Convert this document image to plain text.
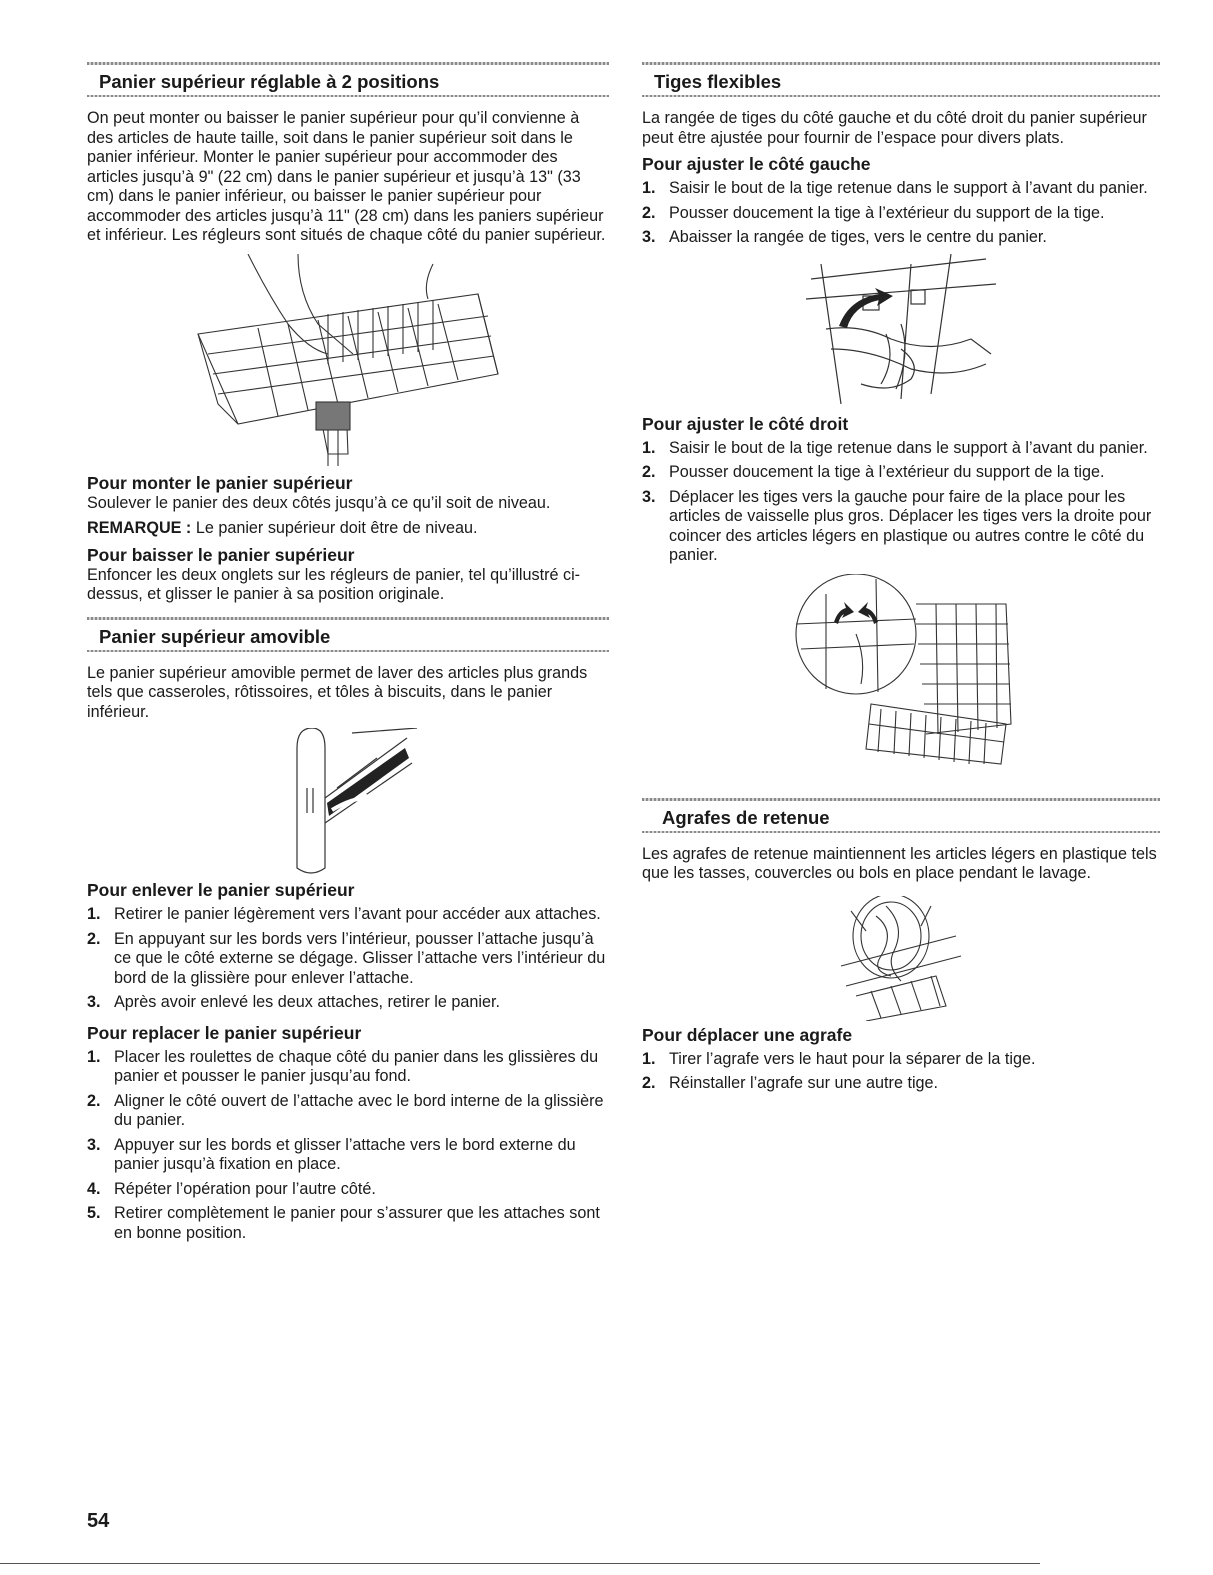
Panier supérieur réglable à 2 positions

On peut monter ou baisser le panier supérieur pour qu’il convienne à des articles de haute taille, soit dans le panier supérieur soit dans le panier inférieur. Monter le panier supérieur pour accommoder des articles jusqu’à 9" (22 cm) dans le panier supérieur et jusqu’à 13" (33 cm) dans le panier inférieur, ou baisser le panier supérieur pour accommoder des articles jusqu’à 11" (28 cm) dans les paniers supérieur et inférieur. Les régleurs sont situés de chaque côté du panier supérieur.

Pour monter le panier supérieur

Soulever le panier des deux côtés jusqu’à ce qu’il soit de niveau.

REMARQUE : Le panier supérieur doit être de niveau.

Pour baisser le panier supérieur

Enfoncer les deux onglets sur les régleurs de panier, tel qu’illustré ci-dessus, et glisser le panier à sa position originale.

Panier supérieur amovible

Le panier supérieur amovible permet de laver des articles plus grands tels que casseroles, rôtissoires, et tôles à biscuits, dans le panier inférieur.

Pour enlever le panier supérieur
1. Retirer le panier légèrement vers l’avant pour accéder aux attaches.
2. En appuyant sur les bords vers l’intérieur, pousser l’attache jusqu’à ce que le côté externe se dégage. Glisser l’attache vers l’intérieur du bord de la glissière pour enlever l’attache.
3. Après avoir enlevé les deux attaches, retirer le panier.
Pour replacer le panier supérieur
1. Placer les roulettes de chaque côté du panier dans les glissières du panier et pousser le panier jusqu’au fond.
2. Aligner le côté ouvert de l’attache avec le bord interne de la glissière du panier.
3. Appuyer sur les bords et glisser l’attache vers le bord externe du panier jusqu’à fixation en place.
4. Répéter l’opération pour l’autre côté.
5. Retirer complètement le panier pour s’assurer que les attaches sont en bonne position.
Tiges flexibles

La rangée de tiges du côté gauche et du côté droit du panier supérieur peut être ajustée pour fournir de l’espace pour divers plats.

Pour ajuster le côté gauche
1. Saisir le bout de la tige retenue dans le support à l’avant du panier.
2. Pousser doucement la tige à l’extérieur du support de la tige.
3. Abaisser la rangée de tiges, vers le centre du panier.
Pour ajuster le côté droit
1. Saisir le bout de la tige retenue dans le support à l’avant du panier.
2. Pousser doucement la tige à l’extérieur du support de la tige.
3. Déplacer les tiges vers la gauche pour faire de la place pour les articles de vaisselle plus gros. Déplacer les tiges vers la droite pour coincer des articles légers en plastique ou autres contre le côté du panier.
Agrafes de retenue

Les agrafes de retenue maintiennent les articles légers en plastique tels que les tasses, couvercles ou bols en place pendant le lavage.

Pour déplacer une agrafe
1. Tirer l’agrafe vers le haut pour la séparer de la tige.
2. Réinstaller l’agrafe sur une autre tige.
54
